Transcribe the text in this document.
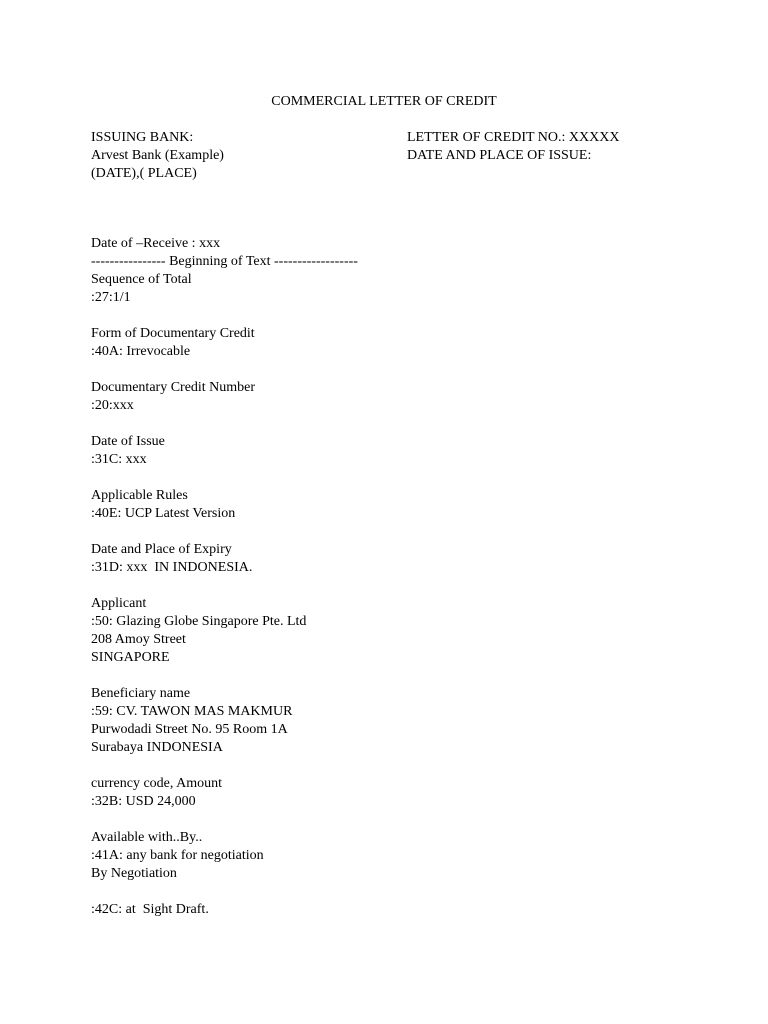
COMMERCIAL LETTER OF CREDIT
ISSUING BANK:
Arvest Bank (Example)
(DATE),( PLACE)
LETTER OF CREDIT NO.: XXXXX
DATE AND PLACE OF ISSUE:
Date of –Receive : xxx
---------------- Beginning of Text ------------------
Sequence of Total
:27:1/1
Form of Documentary Credit
:40A: Irrevocable
Documentary Credit Number
:20:xxx
Date of Issue
:31C: xxx
Applicable Rules
:40E: UCP Latest Version
Date and Place of Expiry
:31D: xxx  IN INDONESIA.
Applicant
:50: Glazing Globe Singapore Pte. Ltd
208 Amoy Street
SINGAPORE
Beneficiary name
:59: CV. TAWON MAS MAKMUR
Purwodadi Street No. 95 Room 1A
Surabaya INDONESIA
currency code, Amount
:32B: USD 24,000
Available with..By..
:41A: any bank for negotiation
By Negotiation
:42C: at  Sight Draft.
